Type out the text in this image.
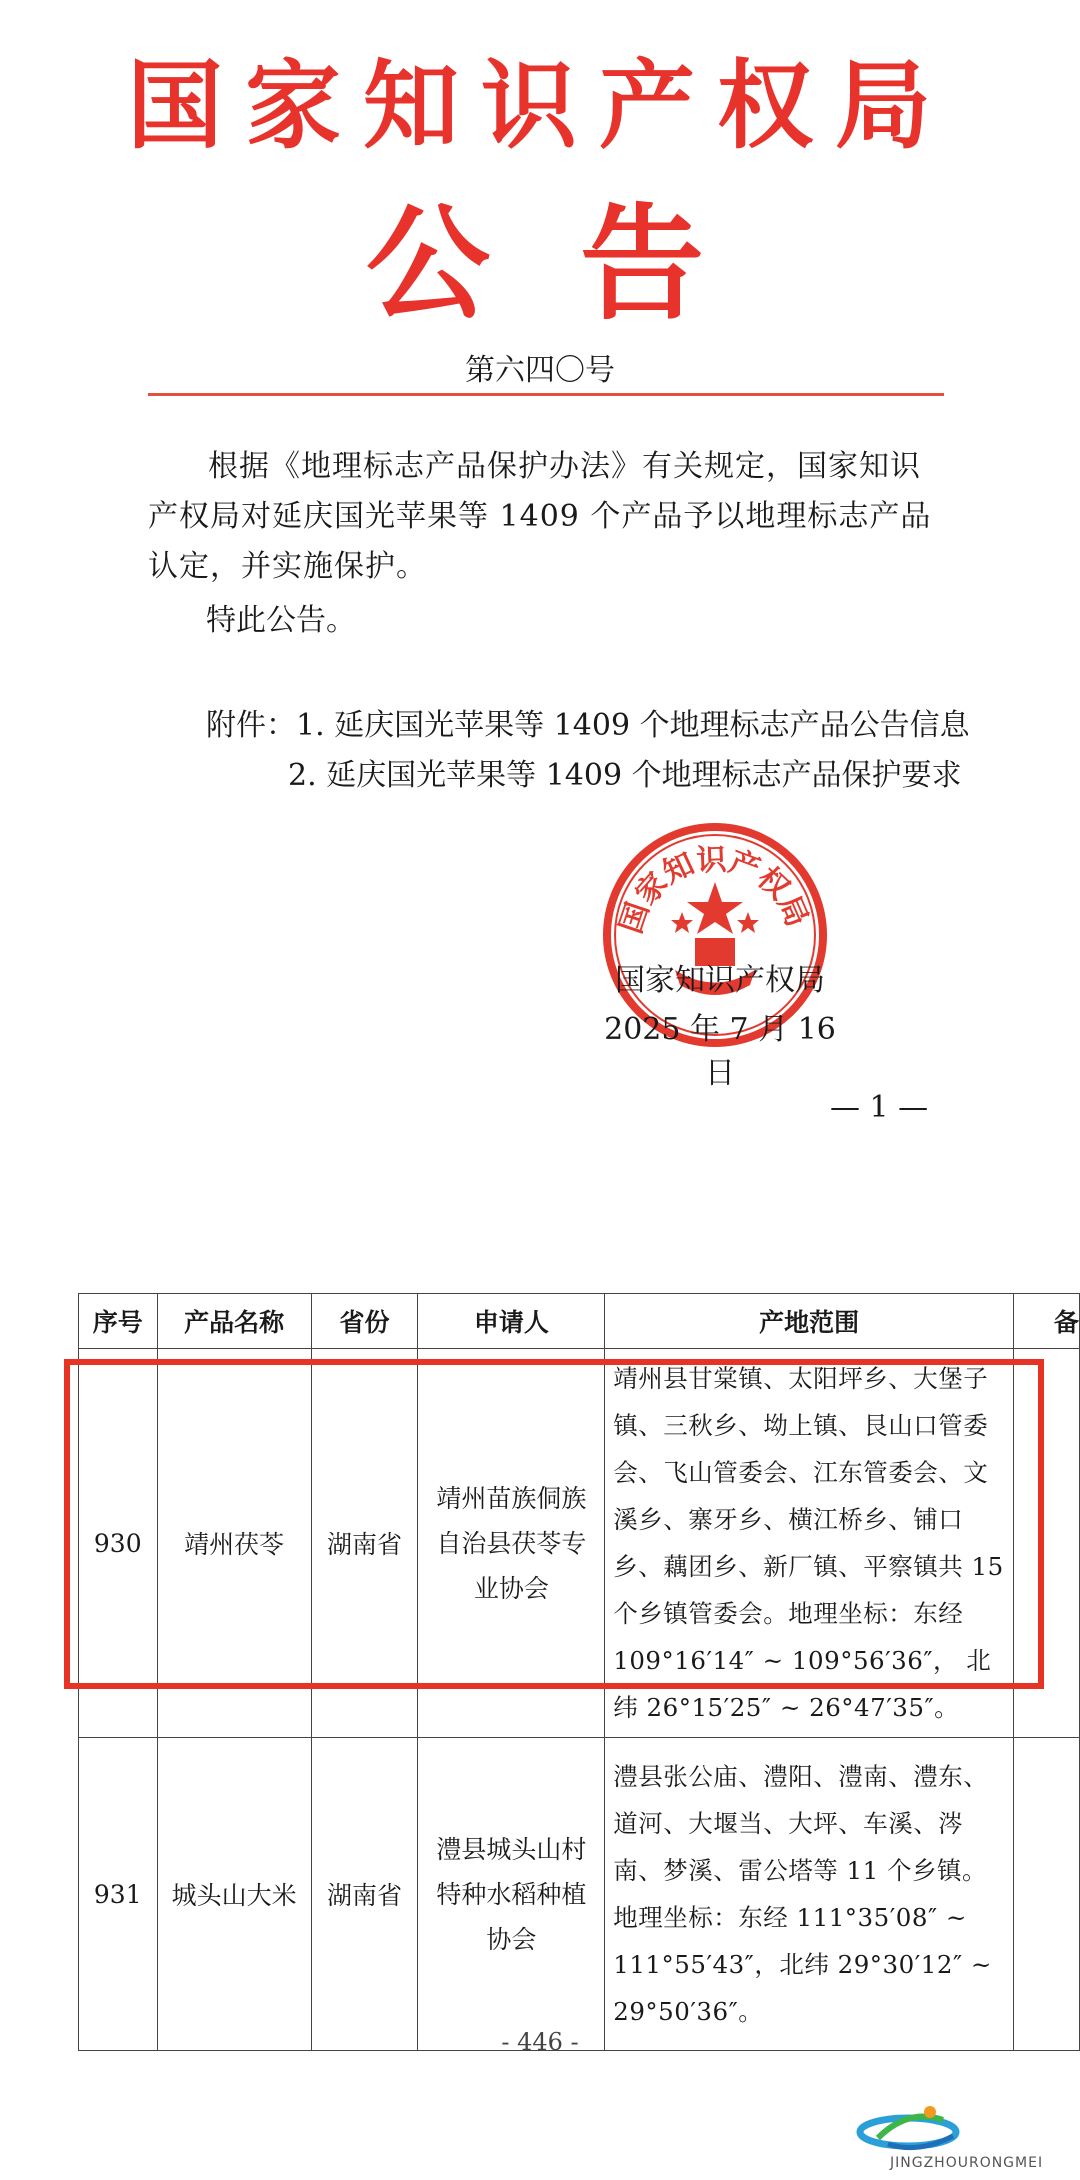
国家知识产权局
公告
第六四〇号
根据《地理标志产品保护办法》有关规定，国家知识产权局对延庆国光苹果等 1409 个产品予以地理标志产品认定，并实施保护。
特此公告。
附件：1. 延庆国光苹果等 1409 个地理标志产品公告信息
2. 延庆国光苹果等 1409 个地理标志产品保护要求
国家知识产权局
国家知识产权局
2025 年 7 月 16 日
— 1 —
序号	产品名称	省份	申请人	产地范围	备
930	靖州茯苓	湖南省	靖州苗族侗族自治县茯苓专业协会	靖州县甘棠镇、太阳坪乡、大堡子镇、三秋乡、坳上镇、艮山口管委会、飞山管委会、江东管委会、文溪乡、寨牙乡、横江桥乡、铺口乡、藕团乡、新厂镇、平察镇共 15 个乡镇管委会。地理坐标：东经 109°16′14″ ~ 109°56′36″， 北纬 26°15′25″ ~ 26°47′35″。	
931	城头山大米	湖南省	澧县城头山村特种水稻种植协会	澧县张公庙、澧阳、澧南、澧东、道河、大堰当、大坪、车溪、涔南、梦溪、雷公塔等 11 个乡镇。地理坐标：东经 111°35′08″ ~ 111°55′43″，北纬 29°30′12″ ~ 29°50′36″。	
- 446 -
JINGZHOURONGMEI
